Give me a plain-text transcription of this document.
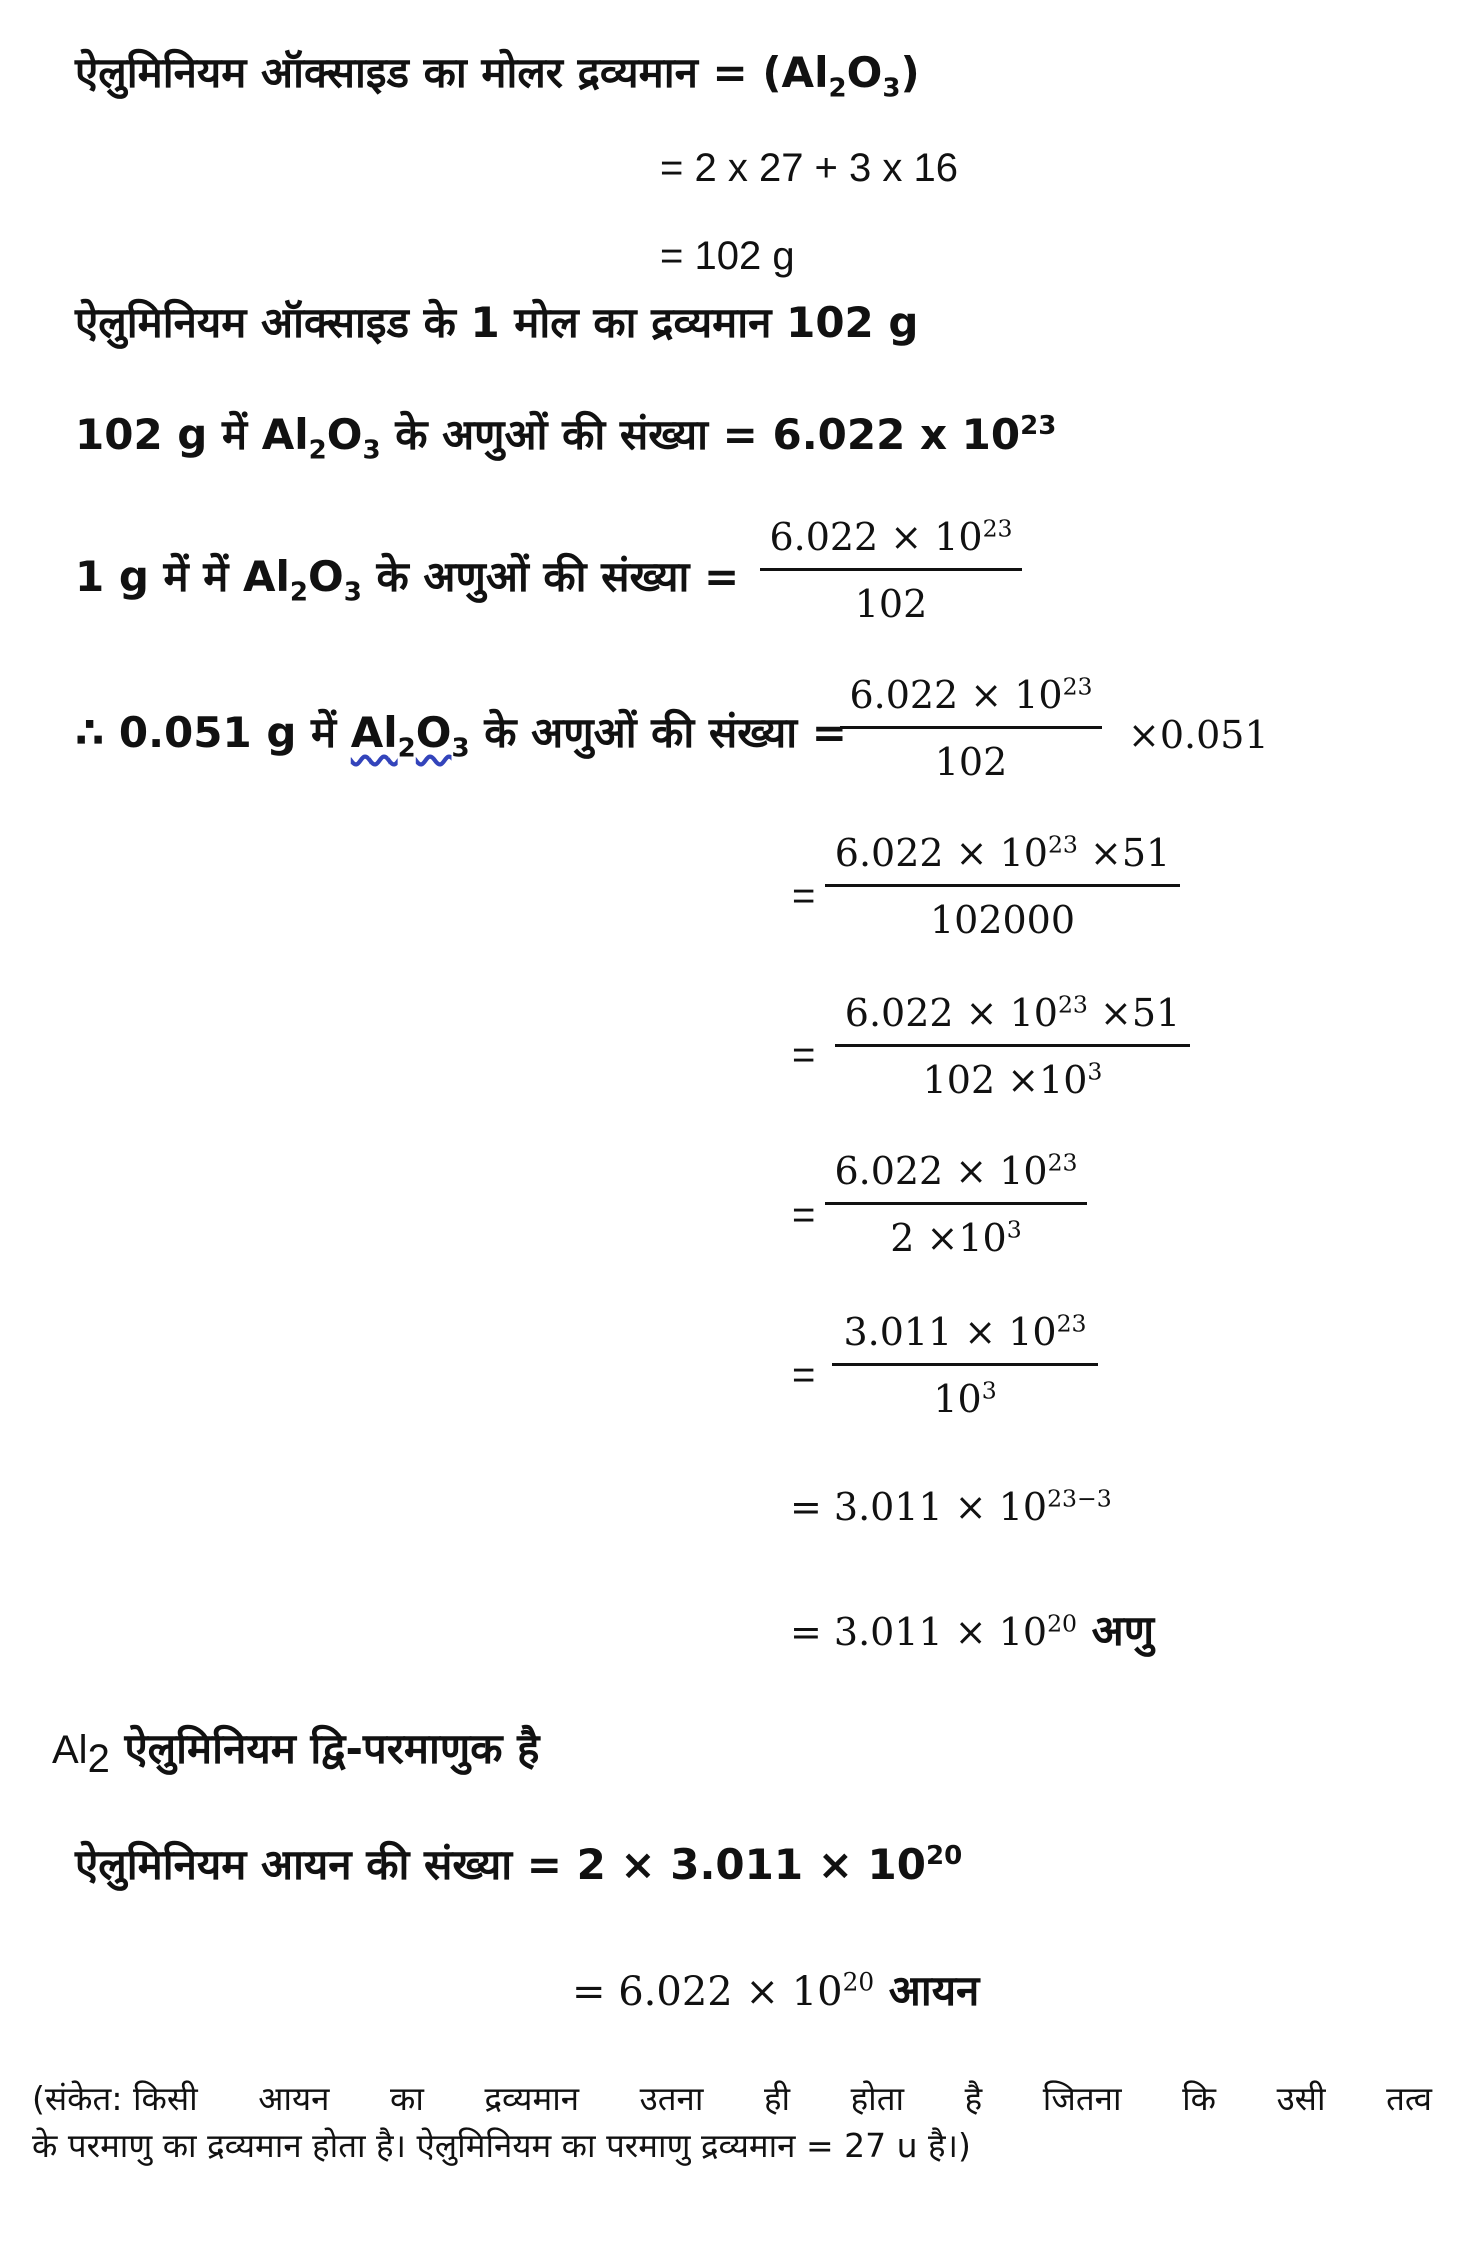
ऐलुमिनियम ऑक्साइड का मोलर द्रव्यमान = $(Al_2O_3)$
= 2 x 27 + 3 x 16
= 102 g
ऐलुमिनियम ऑक्साइड के 1 मोल का द्रव्यमान 102 g
102 g में $Al_2O_3$ के अणुओं की संख्या = 6.022 x $10^{23}$
1 g में में $Al_2O_3$ के अणुओं की संख्या =
$6.022 \times 10^{23}$
102
∴ 0.051 g में $Al_2O_3$ के अणुओं की संख्या =
$6.022 \times 10^{23}$
102
×0.051
=
$6.022 \times 10^{23} \times 51$
102000
=
$6.022 \times 10^{23} \times 51$
$102 \times 10^3$
=
$6.022 \times 10^{23}$
$2 \times 10^3$
=
$3.011 \times 10^{23}$
$10^3$
= $3.011 \times 10^{23-3}$
= $3.011 \times 10^{20}$ अणु
$Al_2$ ऐलुमिनियम द्वि-परमाणुक है
ऐलुमिनियम आयन की संख्या = $2 \times 3.011 \times 10^{20}$
= $6.022 \times 10^{20}$ आयन
(संकेत: किसी आयन का द्रव्यमान उतना ही होता है जितना कि उसी तत्व
के परमाणु का द्रव्यमान होता है। ऐलुमिनियम का परमाणु द्रव्यमान = 27 u है।)
